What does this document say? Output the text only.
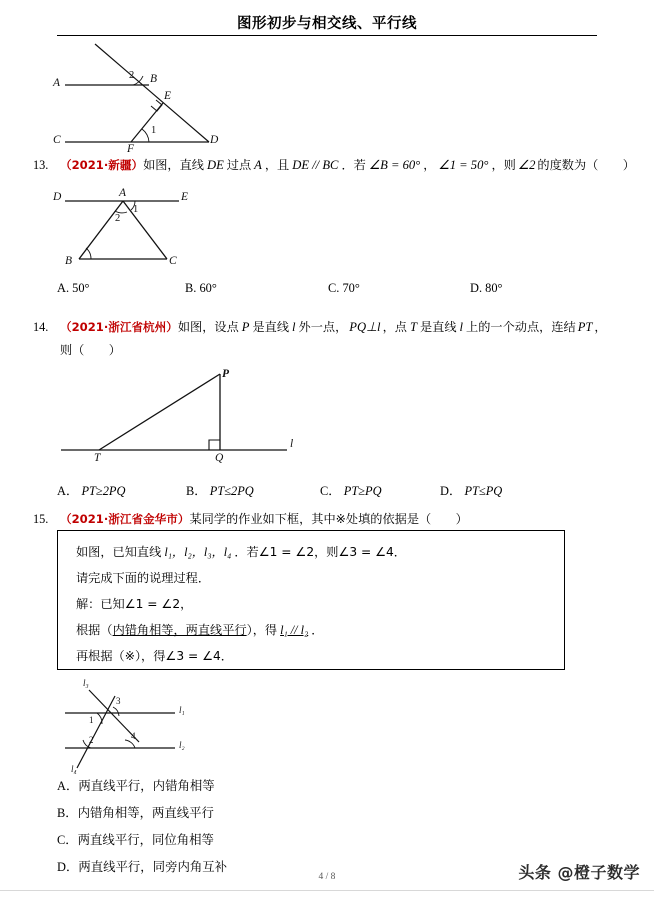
图形初步与相交线、平行线
A	B
C	D
E
F
2
1
13. （2021·新疆）如图，直线 DE 过点 A ，且 DE // BC ．若 ∠B = 60° ， ∠1 = 50° ，则 ∠2 的度数为（　　）
D	A	E
B	C
1
2
A. 50°	B. 60°	C. 70°	D. 80°
14. （2021·浙江省杭州）如图，设点 P 是直线 l 外一点， PQ⊥l ，点 T 是直线 l 上的一个动点，连结 PT ，
则（　　）
P
T	Q
l
A． PT≥2PQ	B． PT≤2PQ	C． PT≥PQ	D． PT≤PQ
15. （2021·浙江省金华市）某同学的作业如下框，其中※处填的依据是（　　）
如图，已知直线 l₁，l₂，l₃，l₄ ．若∠1 = ∠2，则∠3 = ∠4．
请完成下面的说理过程．
解：已知∠1 = ∠2，
根据（内错角相等，两直线平行），得 l₁ // l₂ ．
再根据（※），得∠3 = ∠4．
l₃
l₄
l₁
l₂
3
1
2	4
A．两直线平行，内错角相等
B．内错角相等，两直线平行
C．两直线平行，同位角相等
D．两直线平行，同旁内角互补	头条 @橙子数学
4 / 8
